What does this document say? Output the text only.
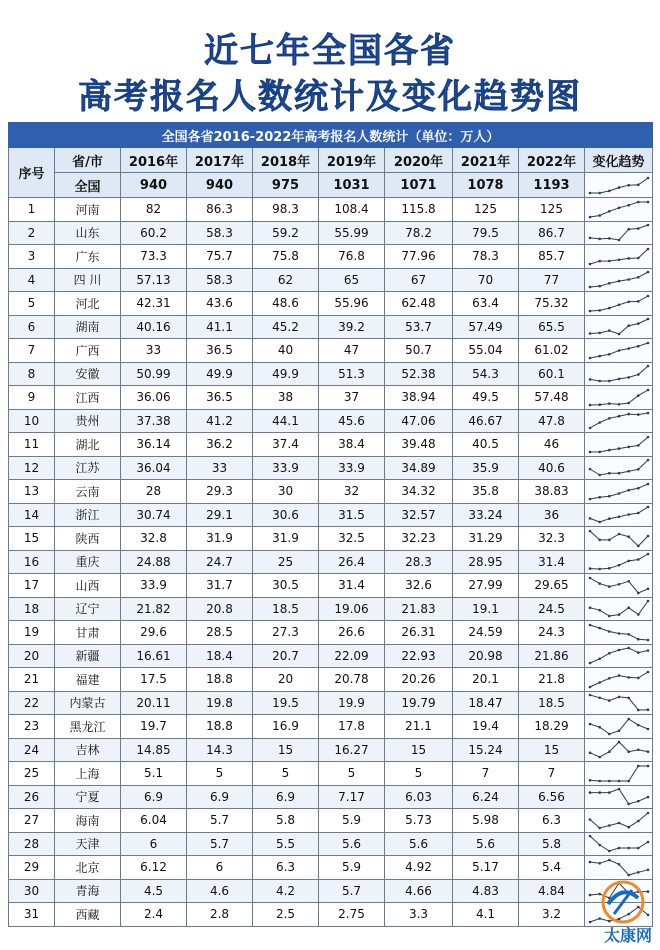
近七年全国各省
高考报名人数统计及变化趋势图
全国各省2016-2022年高考报名人数统计（单位：万人）									
序号	省/市	2016年	2017年	2018年	2019年	2020年	2021年	2022年	变化趋势
	全国	940	940	975	1031	1071	1078	1193	

1	河南	82	86.3	98.3	108.4	115.8	125	125	

2	山东	60.2	58.3	59.2	55.99	78.2	79.5	86.7	

3	广东	73.3	75.7	75.8	76.8	77.96	78.3	85.7	

4	四 川	57.13	58.3	62	65	67	70	77	

5	河北	42.31	43.6	48.6	55.96	62.48	63.4	75.32	

6	湖南	40.16	41.1	45.2	39.2	53.7	57.49	65.5	

7	广西	33	36.5	40	47	50.7	55.04	61.02	

8	安徽	50.99	49.9	49.9	51.3	52.38	54.3	60.1	

9	江西	36.06	36.5	38	37	38.94	49.5	57.48	

10	贵州	37.38	41.2	44.1	45.6	47.06	46.67	47.8	

11	湖北	36.14	36.2	37.4	38.4	39.48	40.5	46	

12	江苏	36.04	33	33.9	33.9	34.89	35.9	40.6	

13	云南	28	29.3	30	32	34.32	35.8	38.83	

14	浙江	30.74	29.1	30.6	31.5	32.57	33.24	36	

15	陕西	32.8	31.9	31.9	32.5	32.23	31.29	32.3	

16	重庆	24.88	24.7	25	26.4	28.3	28.95	31.4	

17	山西	33.9	31.7	30.5	31.4	32.6	27.99	29.65	

18	辽宁	21.82	20.8	18.5	19.06	21.83	19.1	24.5	

19	甘肃	29.6	28.5	27.3	26.6	26.31	24.59	24.3	

20	新疆	16.61	18.4	20.7	22.09	22.93	20.98	21.86	

21	福建	17.5	18.8	20	20.78	20.26	20.1	21.8	

22	内蒙古	20.11	19.8	19.5	19.9	19.79	18.47	18.5	

23	黑龙江	19.7	18.8	16.9	17.8	21.1	19.4	18.29	

24	吉林	14.85	14.3	15	16.27	15	15.24	15	

25	上海	5.1	5	5	5	5	7	7	

26	宁夏	6.9	6.9	6.9	7.17	6.03	6.24	6.56	

27	海南	6.04	5.7	5.8	5.9	5.73	5.98	6.3	

28	天津	6	5.7	5.5	5.6	5.6	5.6	5.8	

29	北京	6.12	6	6.3	5.9	4.92	5.17	5.4	

30	青海	4.5	4.6	4.2	5.7	4.66	4.83	4.84	

31	西藏	2.4	2.8	2.5	2.75	3.3	4.1	3.2	
太康网
